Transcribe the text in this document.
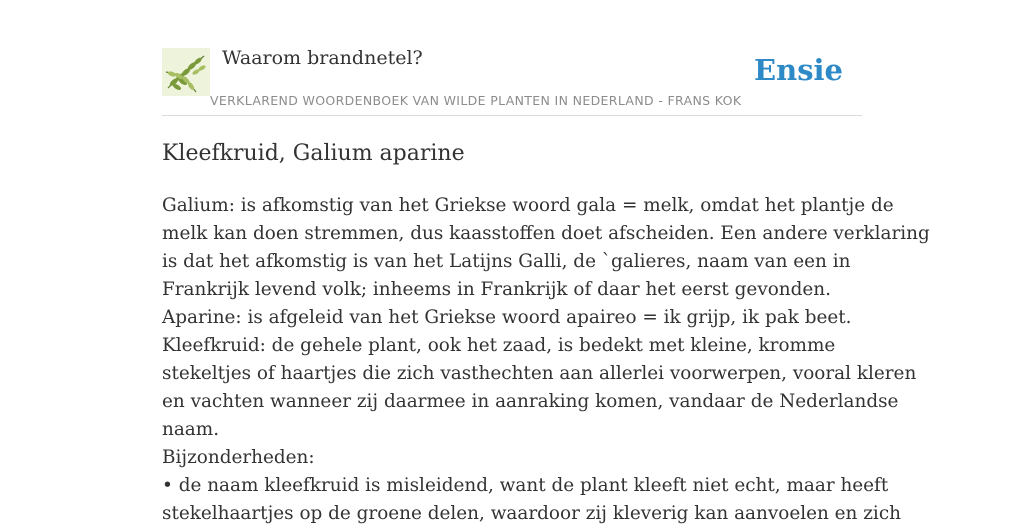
Waarom brandnetel?
VERKLAREND WOORDENBOEK VAN WILDE PLANTEN IN NEDERLAND - FRANS KOK
Ensie
Kleefkruid, Galium aparine

Galium: is afkomstig van het Griekse woord gala = melk, omdat het plantje de

melk kan doen stremmen, dus kaasstoffen doet afscheiden. Een andere verklaring

is dat het afkomstig is van het Latijns Galli, de `galieres, naam van een in

Frankrijk levend volk; inheems in Frankrijk of daar het eerst gevonden.

Aparine: is afgeleid van het Griekse woord apaireo = ik grijp, ik pak beet.

Kleefkruid: de gehele plant, ook het zaad, is bedekt met kleine, kromme

stekeltjes of haartjes die zich vasthechten aan allerlei voorwerpen, vooral kleren

en vachten wanneer zij daarmee in aanraking komen, vandaar de Nederlandse

naam.

Bijzonderheden:

• de naam kleefkruid is misleidend, want de plant kleeft niet echt, maar heeft

stekelhaartjes op de groene delen, waardoor zij kleverig kan aanvoelen en zich
